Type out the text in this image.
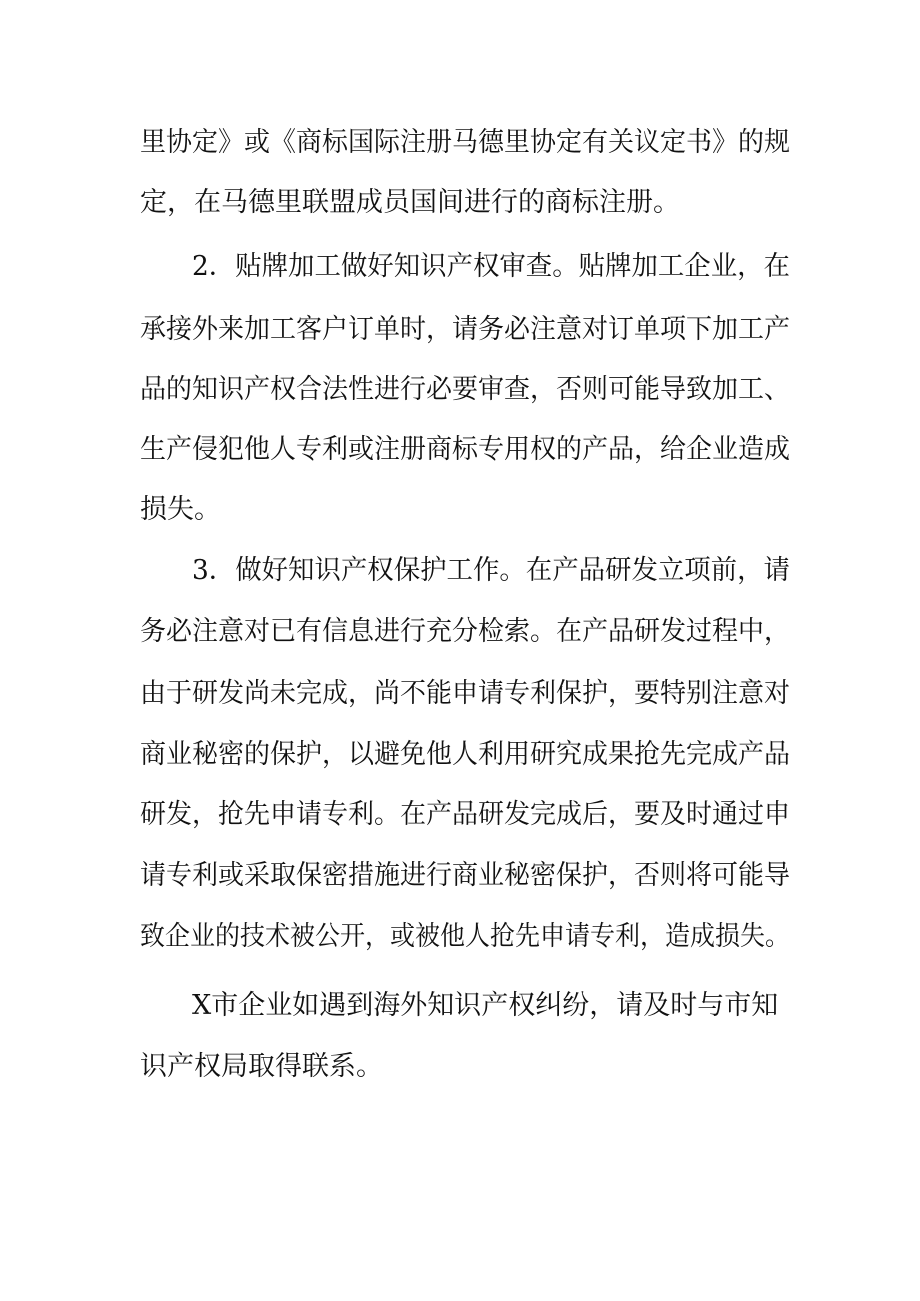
里协定》或《商标国际注册马德里协定有关议定书》的规
定，在马德里联盟成员国间进行的商标注册。
2．贴牌加工做好知识产权审查。贴牌加工企业，在
承接外来加工客户订单时，请务必注意对订单项下加工产
品的知识产权合法性进行必要审查，否则可能导致加工、
生产侵犯他人专利或注册商标专用权的产品，给企业造成
损失。
3．做好知识产权保护工作。在产品研发立项前，请
务必注意对已有信息进行充分检索。在产品研发过程中，
由于研发尚未完成，尚不能申请专利保护，要特别注意对
商业秘密的保护，以避免他人利用研究成果抢先完成产品
研发，抢先申请专利。在产品研发完成后，要及时通过申
请专利或采取保密措施进行商业秘密保护，否则将可能导
致企业的技术被公开，或被他人抢先申请专利，造成损失。
X市企业如遇到海外知识产权纠纷，请及时与市知
识产权局取得联系。
